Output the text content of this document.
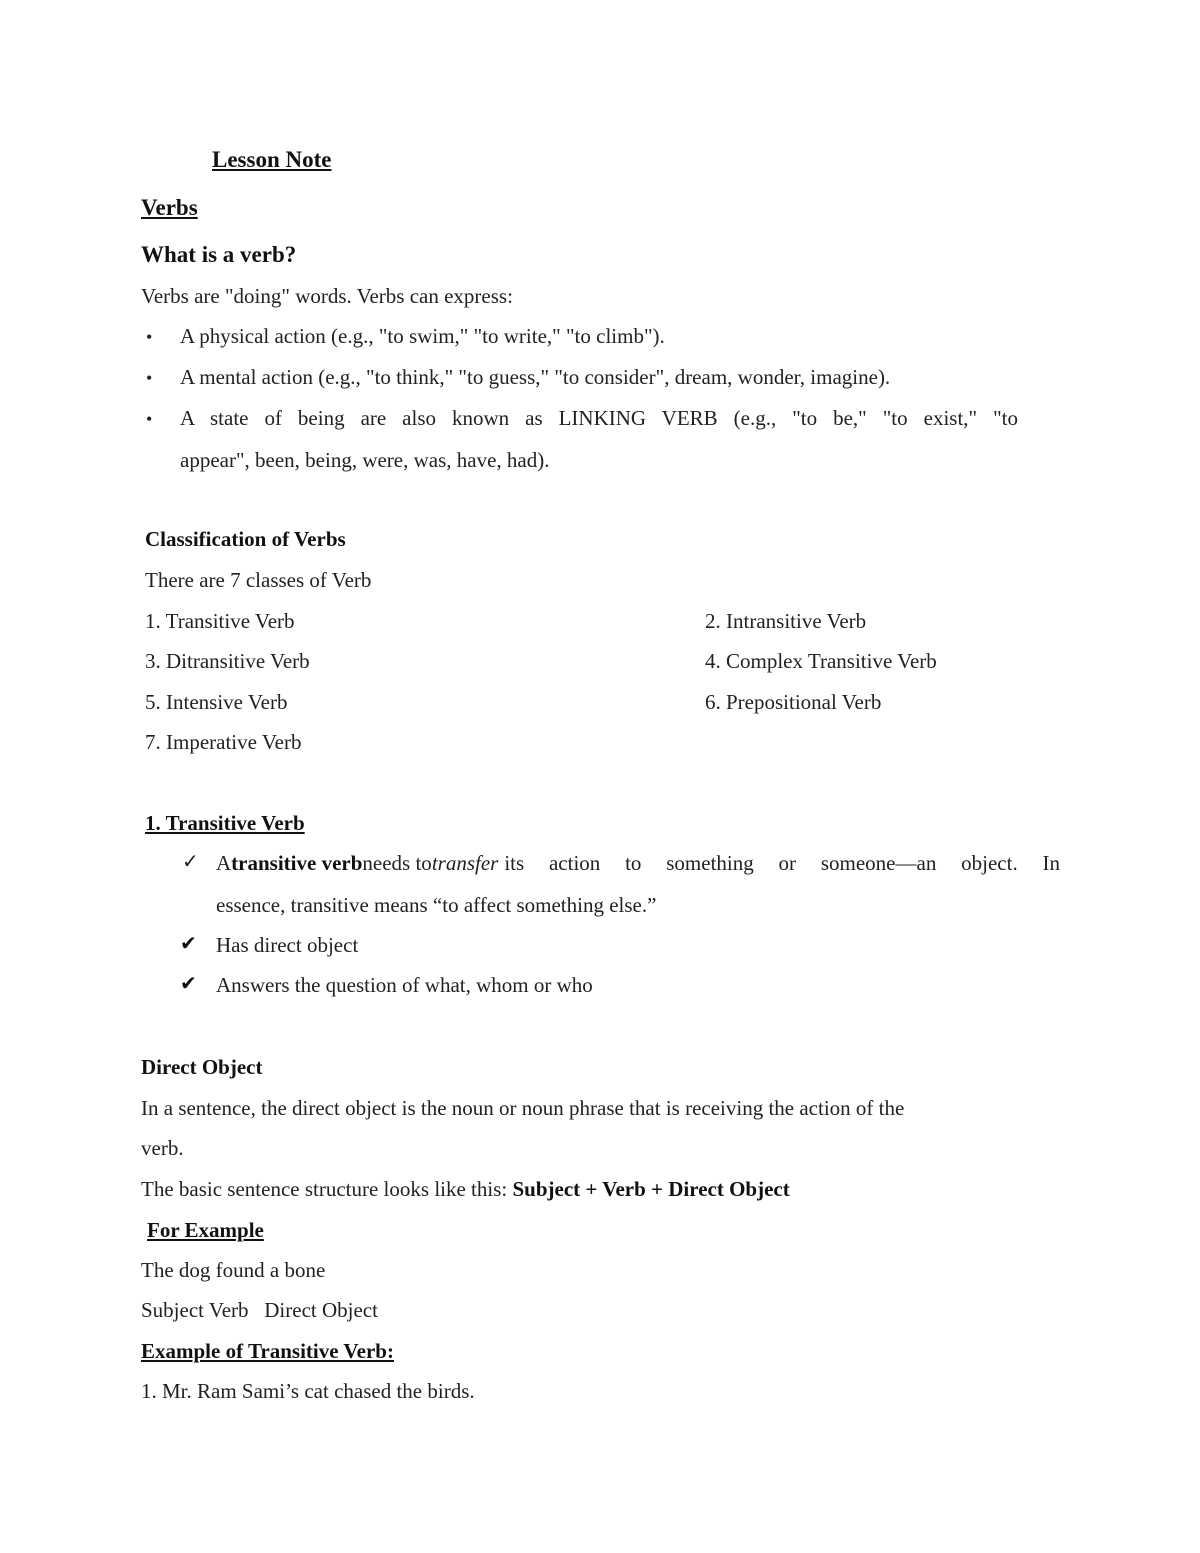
Lesson Note
Verbs
What is a verb?
Verbs are "doing" words. Verbs can express:
• A physical action (e.g., "to swim," "to write," "to climb").
• A mental action (e.g., "to think," "to guess," "to consider", dream, wonder, imagine).
• A state of being are also known as LINKING VERB (e.g., "to be," "to exist," "to
appear", been, being, were, was, have, had).
Classification of Verbs
There are 7 classes of Verb
1. Transitive Verb	2. Intransitive Verb
3. Ditransitive Verb	4. Complex Transitive Verb
5. Intensive Verb	6. Prepositional Verb
7. Imperative Verb
1. Transitive Verb
✓ A transitive verb needs to transfer its action to something or someone—an object. In
essence, transitive means “to affect something else.”
✔ Has direct object
✔ Answers the question of what, whom or who
Direct Object
In a sentence, the direct object is the noun or noun phrase that is receiving the action of the
verb.
The basic sentence structure looks like this: Subject + Verb + Direct Object
For Example
The dog found a bone
Subject Verb   Direct Object
Example of Transitive Verb:
1. Mr. Ram Sami’s cat chased the birds.
